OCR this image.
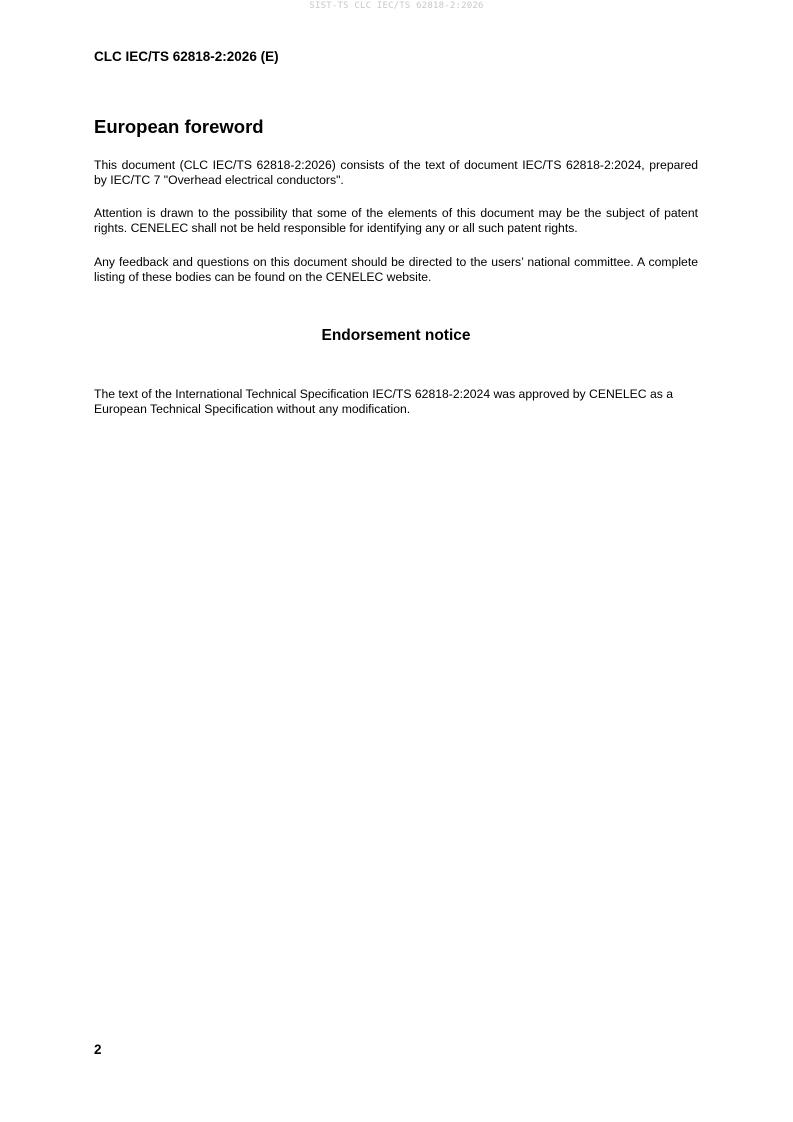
SIST-TS CLC IEC/TS 62818-2:2026
CLC IEC/TS 62818-2:2026 (E)
European foreword
This document (CLC IEC/TS 62818-2:2026) consists of the text of document IEC/TS 62818-2:2024, prepared by IEC/TC 7 "Overhead electrical conductors".
Attention is drawn to the possibility that some of the elements of this document may be the subject of patent rights. CENELEC shall not be held responsible for identifying any or all such patent rights.
Any feedback and questions on this document should be directed to the users’ national committee. A complete listing of these bodies can be found on the CENELEC website.
Endorsement notice
The text of the International Technical Specification IEC/TS 62818-2:2024 was approved by CENELEC as a European Technical Specification without any modification.
2
